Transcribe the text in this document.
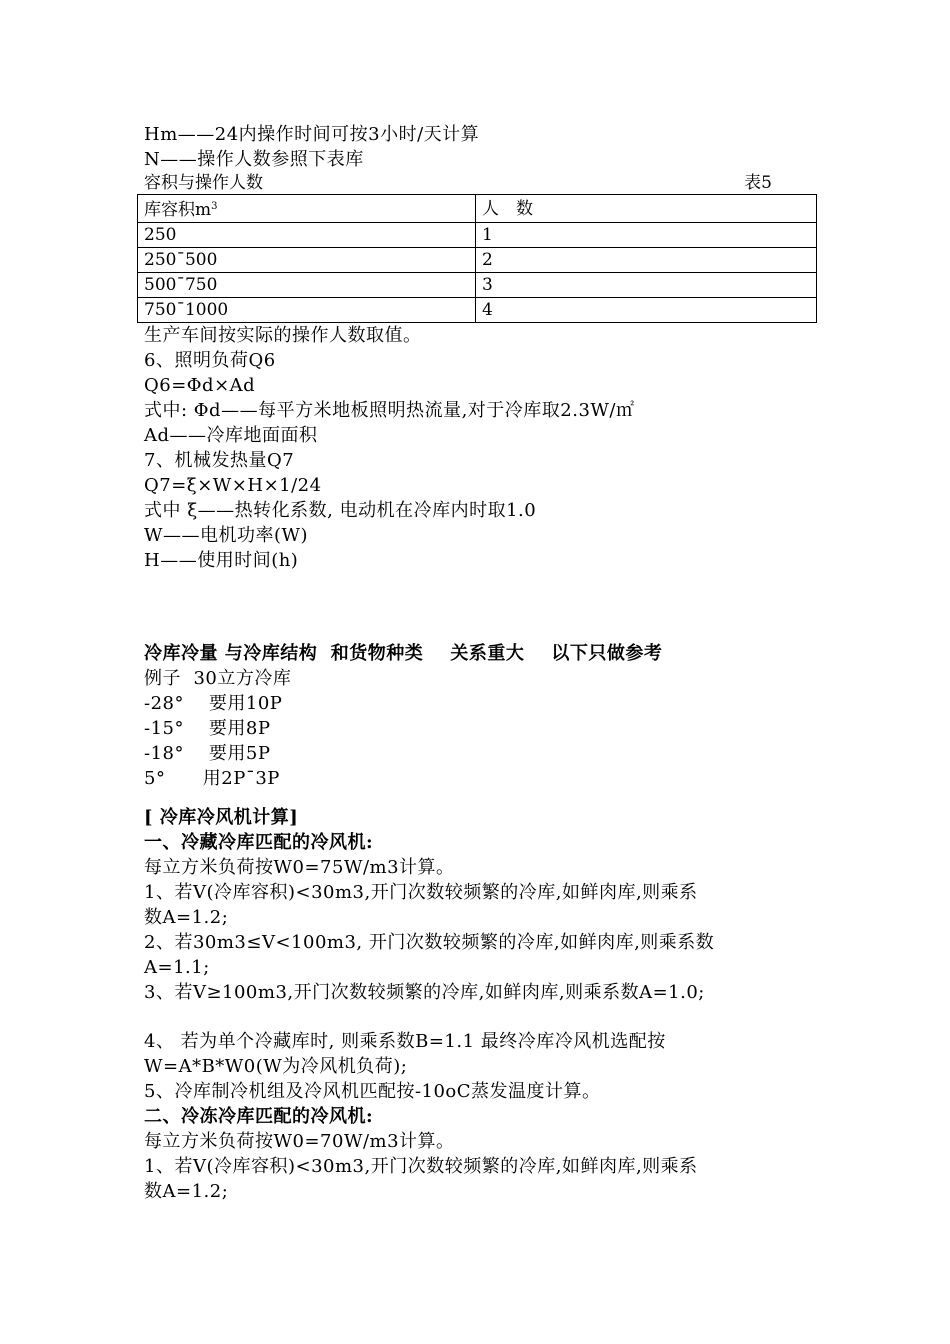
Hm——24内操作时间可按3小时/天计算
N——操作人数参照下表库
容积与操作人数	表5
库容积$m^3$	人　数
250	1
250¯500	2
500¯750	3
750¯1000	4
生产车间按实际的操作人数取值。
6、照明负荷Q6
Q6=Φd×Ad
式中: Φd——每平方米地板照明热流量,对于冷库取2.3W/㎡
Ad——冷库地面面积
7、机械发热量Q7
Q7=ξ×W×H×1/24
式中 ξ——热转化系数, 电动机在冷库内时取1.0
W——电机功率(W)
H——使用时间(h)
冷库冷量 与冷库结构  和货物种类    关系重大    以下只做参考
例子  30立方冷库
-28°    要用10P
-15°    要用8P
-18°    要用5P
5°      用2P¯3P
[ 冷库冷风机计算]
一、冷藏冷库匹配的冷风机:
每立方米负荷按W0=75W/m3计算。
1、若V(冷库容积)<30m3,开门次数较频繁的冷库,如鲜肉库,则乘系
数A=1.2;
2、若30m3≤V<100m3, 开门次数较频繁的冷库,如鲜肉库,则乘系数
A=1.1;
3、若V≥100m3,开门次数较频繁的冷库,如鲜肉库,则乘系数A=1.0;
4、 若为单个冷藏库时, 则乘系数B=1.1 最终冷库冷风机选配按
W=A*B*W0(W为冷风机负荷);
5、冷库制冷机组及冷风机匹配按-10oC蒸发温度计算。
二、冷冻冷库匹配的冷风机:
每立方米负荷按W0=70W/m3计算。
1、若V(冷库容积)<30m3,开门次数较频繁的冷库,如鲜肉库,则乘系
数A=1.2;
